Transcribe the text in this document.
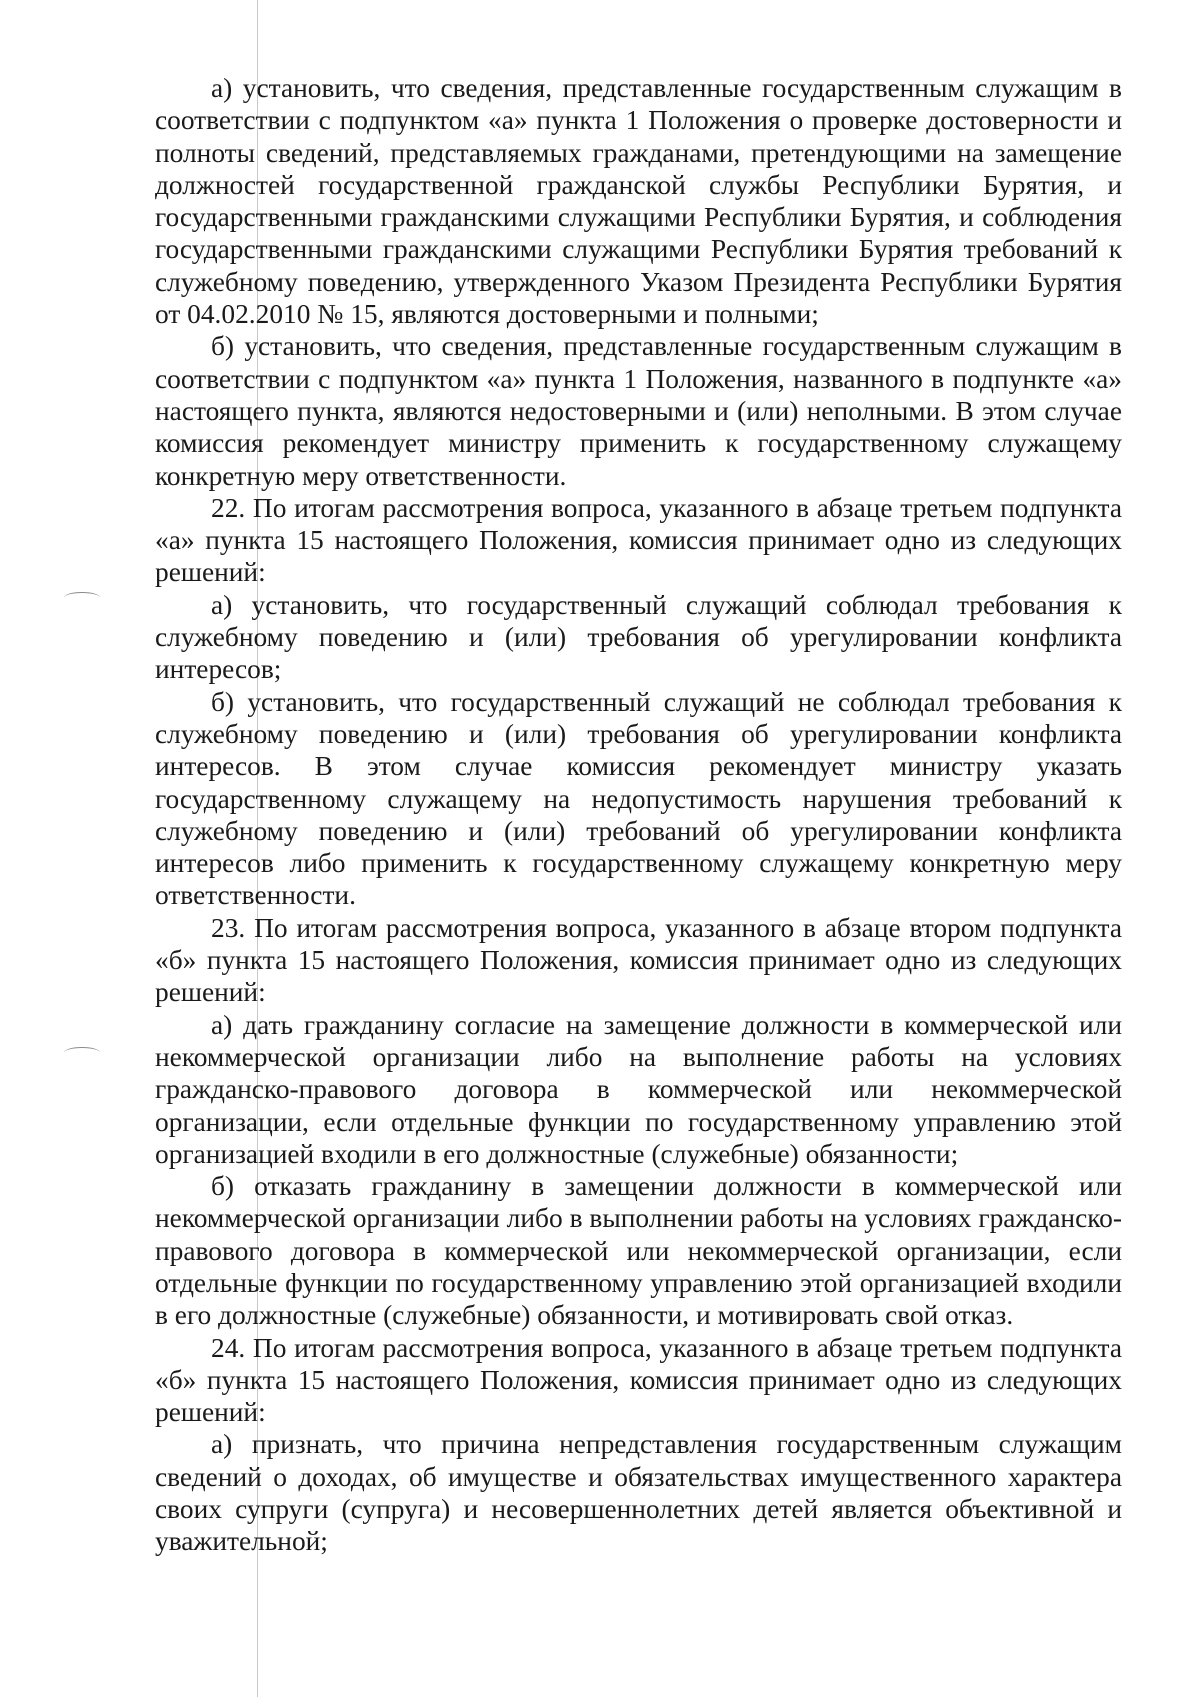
а) установить, что сведения, представленные государственным служащим в соответствии с подпунктом «а» пункта 1 Положения о проверке достоверности и полноты сведений, представляемых гражданами, претендующими на замещение должностей государственной гражданской службы Республики Бурятия, и государственными гражданскими служащими Республики Бурятия, и соблюдения государственными гражданскими служащими Республики Бурятия требований к служебному поведению, утвержденного Указом Президента Республики Бурятия от 04.02.2010 № 15, являются достоверными и полными;

б) установить, что сведения, представленные государственным служащим в соответствии с подпунктом «а» пункта 1 Положения, названного в подпункте «а» настоящего пункта, являются недостоверными и (или) неполными. В этом случае комиссия рекомендует министру применить к государственному служащему конкретную меру ответственности.

22. По итогам рассмотрения вопроса, указанного в абзаце третьем подпункта «а» пункта 15 настоящего Положения, комиссия принимает одно из следующих решений:

а) установить, что государственный служащий соблюдал требования к служебному поведению и (или) требования об урегулировании конфликта интересов;

б) установить, что государственный служащий не соблюдал требования к служебному поведению и (или) требования об урегулировании конфликта интересов. В этом случае комиссия рекомендует министру указать государственному служащему на недопустимость нарушения требований к служебному поведению и (или) требований об урегулировании конфликта интересов либо применить к государственному служащему конкретную меру ответственности.

23. По итогам рассмотрения вопроса, указанного в абзаце втором подпункта «б» пункта 15 настоящего Положения, комиссия принимает одно из следующих решений:

а) дать гражданину согласие на замещение должности в коммерческой или некоммерческой организации либо на выполнение работы на условиях гражданско-правового договора в коммерческой или некоммерческой организации, если отдельные функции по государственному управлению этой организацией входили в его должностные (служебные) обязанности;

б) отказать гражданину в замещении должности в коммерческой или некоммерческой организации либо в выполнении работы на условиях гражданско-правового договора в коммерческой или некоммерческой организации, если отдельные функции по государственному управлению этой организацией входили в его должностные (служебные) обязанности, и мотивировать свой отказ.

24. По итогам рассмотрения вопроса, указанного в абзаце третьем подпункта «б» пункта 15 настоящего Положения, комиссия принимает одно из следующих решений:

а) признать, что причина непредставления государственным служащим сведений о доходах, об имуществе и обязательствах имущественного характера своих супруги (супруга) и несовершеннолетних детей является объективной и уважительной;
